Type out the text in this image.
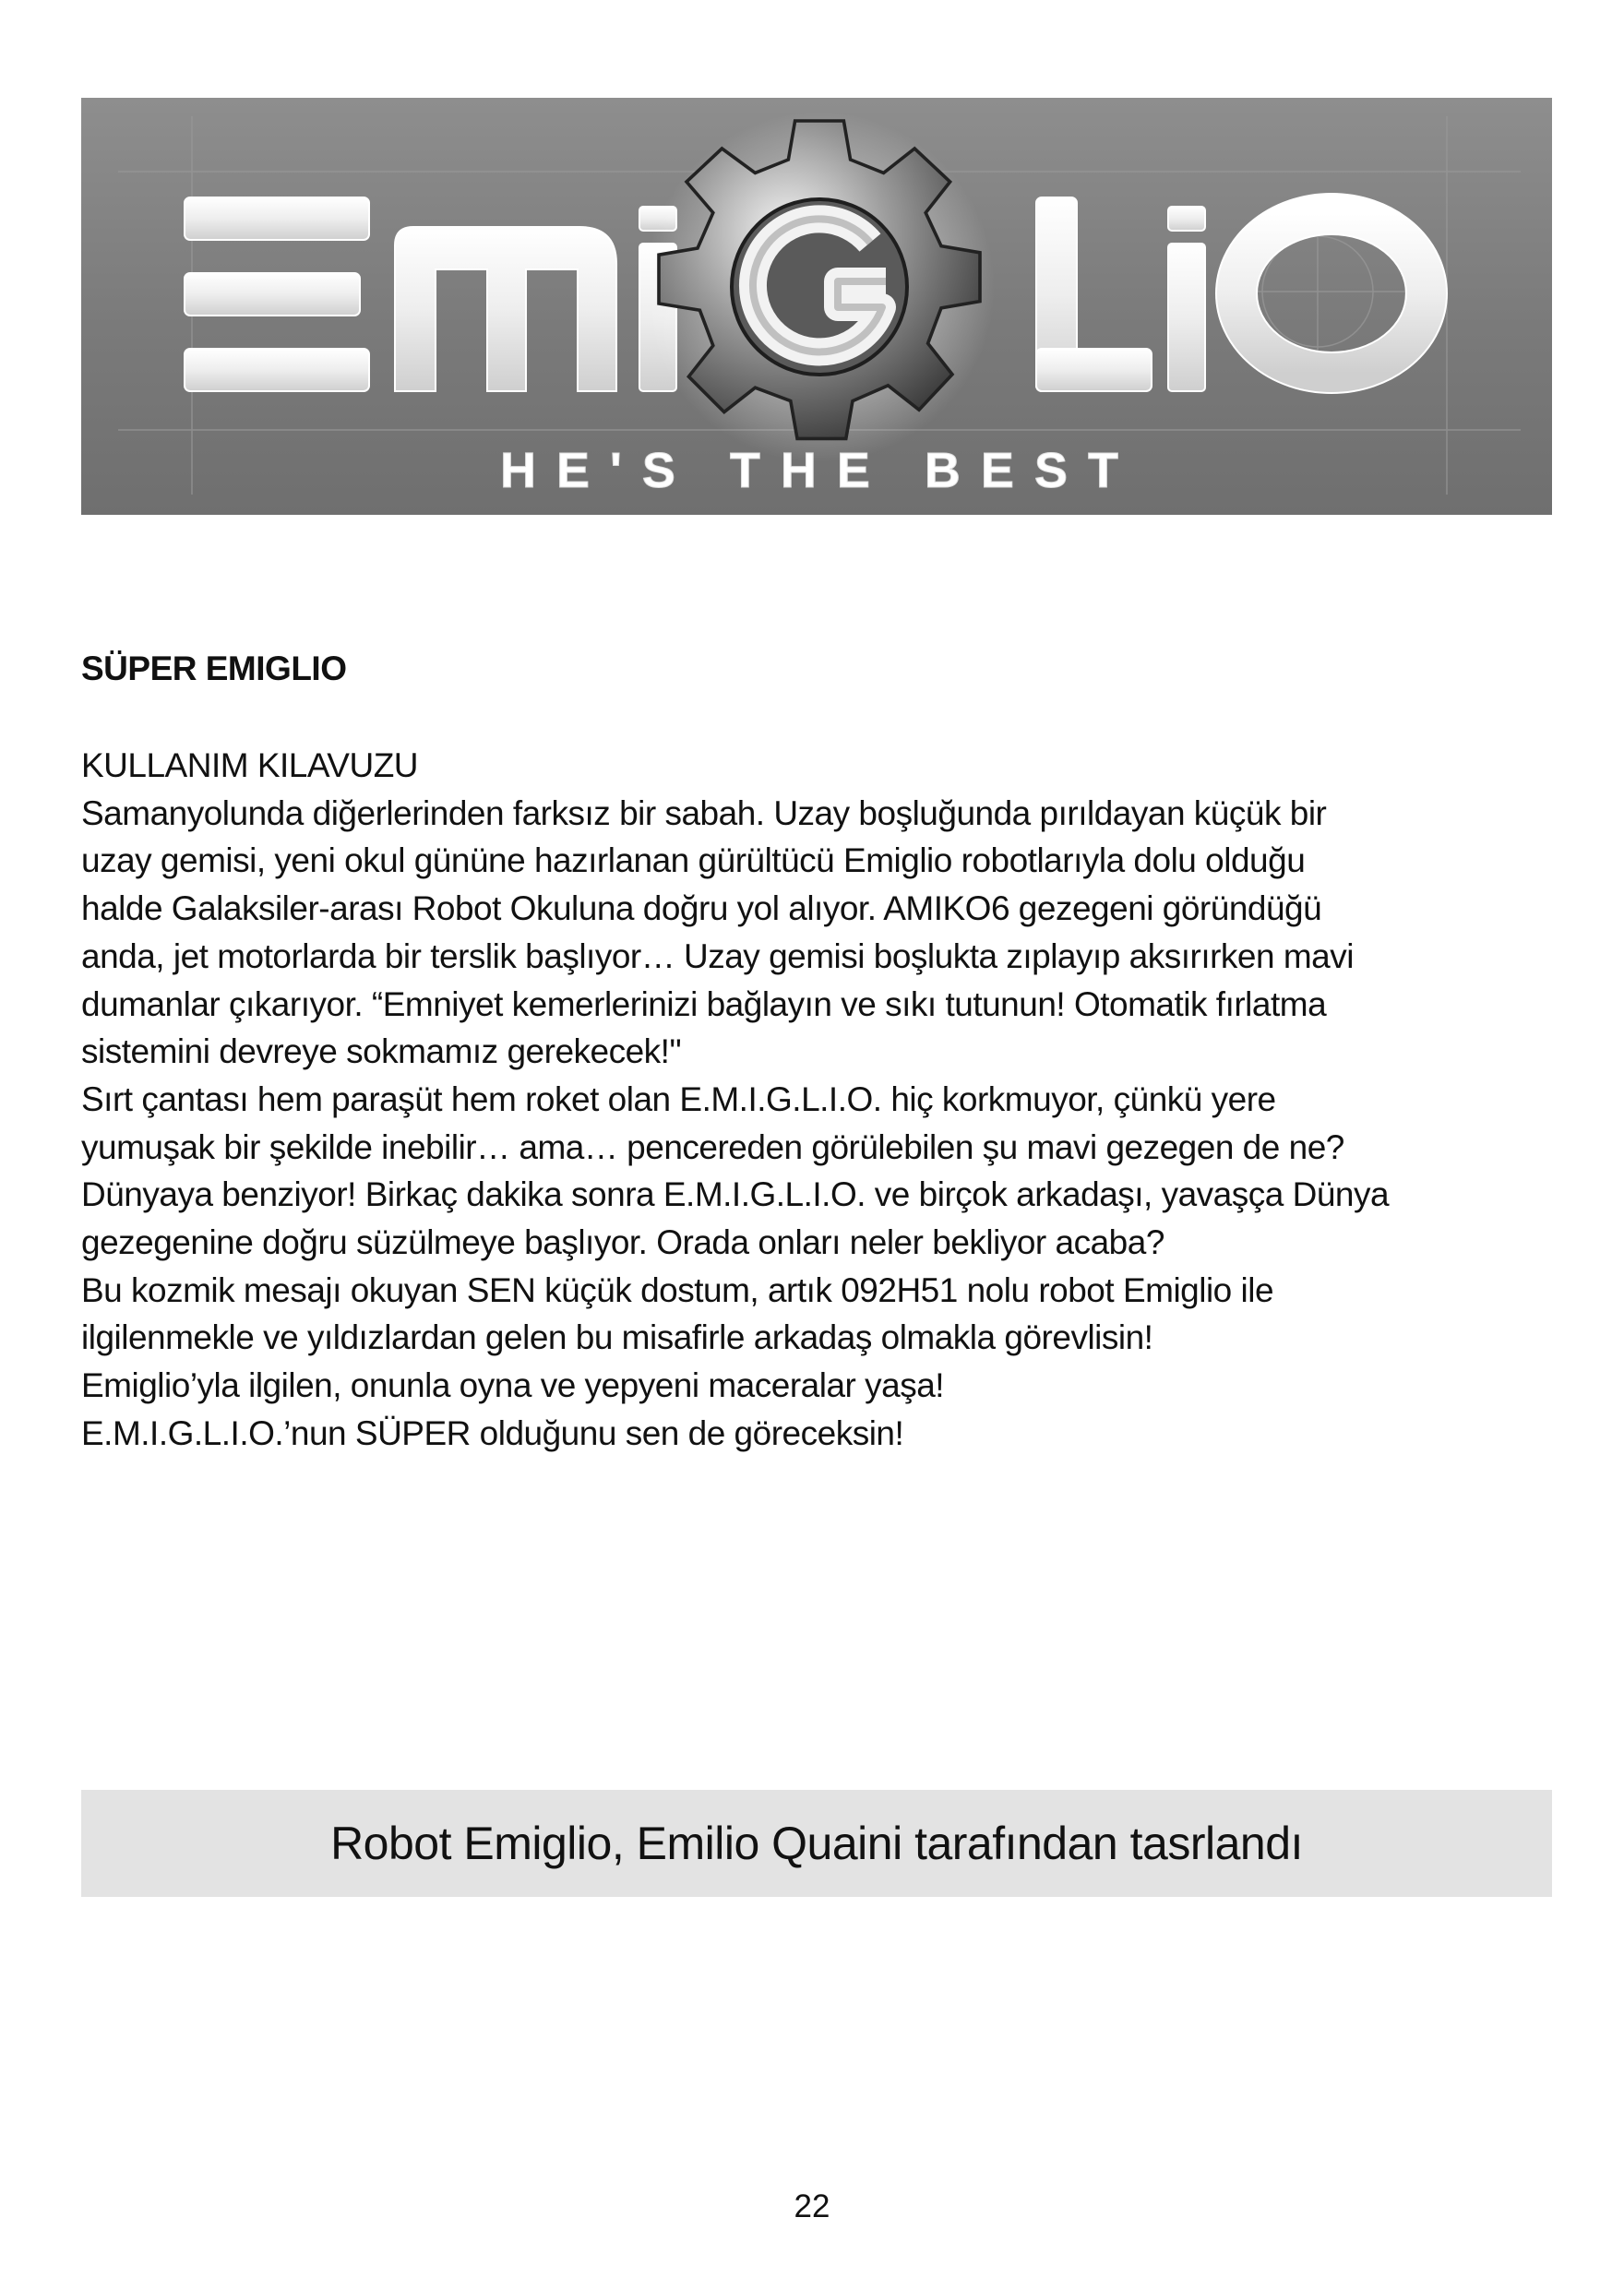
HE'S THE BEST
SÜPER EMIGLIO

KULLANIM KILAVUZU

Samanyolunda diğerlerinden farksız bir sabah. Uzay boşluğunda pırıldayan küçük bir

uzay gemisi, yeni okul gününe hazırlanan gürültücü Emiglio robotlarıyla dolu olduğu

halde Galaksiler-arası Robot Okuluna doğru yol alıyor. AMIKO6 gezegeni göründüğü

anda, jet motorlarda bir terslik başlıyor… Uzay gemisi boşlukta zıplayıp aksırırken mavi

dumanlar çıkarıyor. “Emniyet kemerlerinizi bağlayın ve sıkı tutunun! Otomatik fırlatma

sistemini devreye sokmamız gerekecek!"

Sırt çantası hem paraşüt hem roket olan E.M.I.G.L.I.O. hiç korkmuyor, çünkü yere

yumuşak bir şekilde inebilir… ama… pencereden görülebilen şu mavi gezegen de ne?

Dünyaya benziyor! Birkaç dakika sonra E.M.I.G.L.I.O. ve birçok arkadaşı, yavaşça Dünya

gezegenine doğru süzülmeye başlıyor. Orada onları neler bekliyor acaba?

Bu kozmik mesajı okuyan SEN küçük dostum, artık 092H51 nolu robot Emiglio ile

ilgilenmekle ve yıldızlardan gelen bu misafirle arkadaş olmakla görevlisin!

Emiglio’yla ilgilen, onunla oyna ve yepyeni maceralar yaşa!

E.M.I.G.L.I.O.’nun SÜPER olduğunu sen de göreceksin!

Robot Emiglio, Emilio Quaini tarafından tasrlandı
22
